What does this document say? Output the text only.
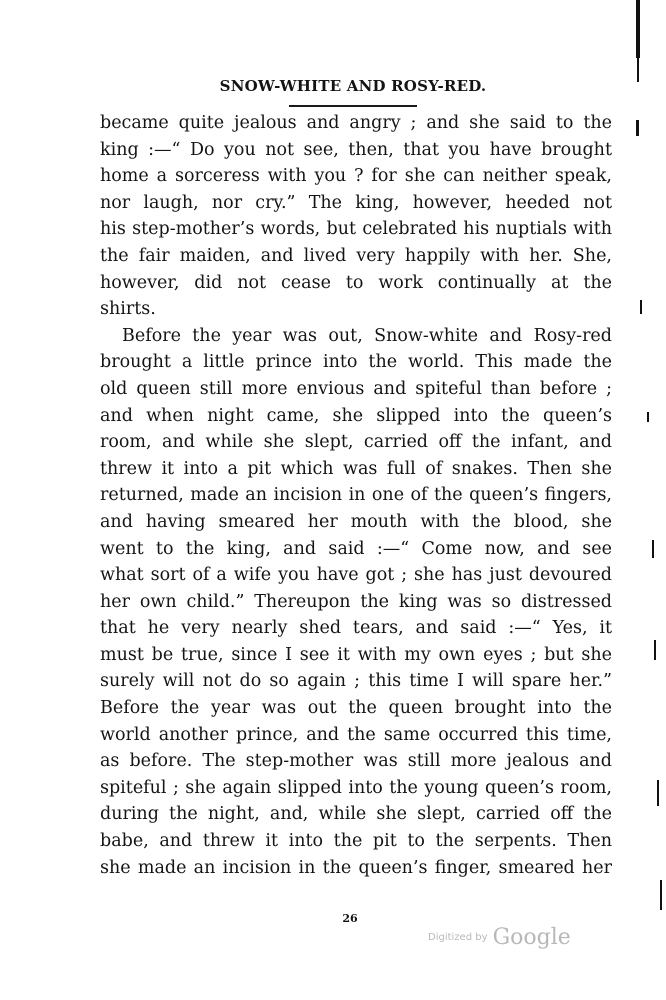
SNOW-WHITE AND ROSY-RED.
became quite jealous and angry ; and she said to the
king :—“ Do you not see, then, that you have brought
home a sorceress with you ? for she can neither speak,
nor laugh, nor cry.” The king, however, heeded not
his step-mother’s words, but celebrated his nuptials with
the fair maiden, and lived very happily with her. She,
however, did not cease to work continually at the
shirts.
Before the year was out, Snow-white and Rosy-red
brought a little prince into the world. This made the
old queen still more envious and spiteful than before ;
and when night came, she slipped into the queen’s
room, and while she slept, carried off the infant, and
threw it into a pit which was full of snakes. Then she
returned, made an incision in one of the queen’s fingers,
and having smeared her mouth with the blood, she
went to the king, and said :—“ Come now, and see
what sort of a wife you have got ; she has just devoured
her own child.” Thereupon the king was so distressed
that he very nearly shed tears, and said :—“ Yes, it
must be true, since I see it with my own eyes ; but she
surely will not do so again ; this time I will spare her.”
Before the year was out the queen brought into the
world another prince, and the same occurred this time,
as before. The step-mother was still more jealous and
spiteful ; she again slipped into the young queen’s room,
during the night, and, while she slept, carried off the
babe, and threw it into the pit to the serpents. Then
she made an incision in the queen’s finger, smeared her
26
Digitized by Google
